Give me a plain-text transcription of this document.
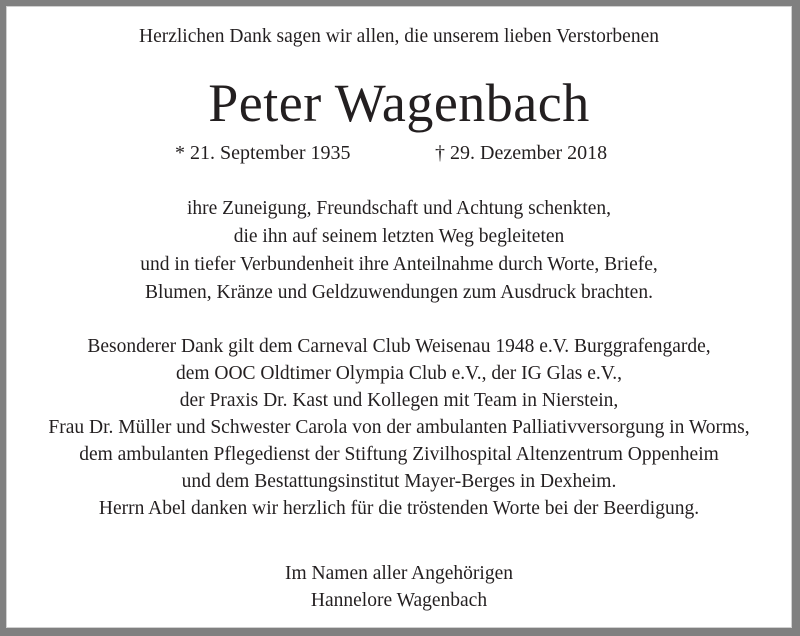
Herzlichen Dank sagen wir allen, die unserem lieben Verstorbenen
Peter Wagenbach
* 21. September 1935	† 29. Dezember 2018
ihre Zuneigung, Freundschaft und Achtung schenkten,
die ihn auf seinem letzten Weg begleiteten
und in tiefer Verbundenheit ihre Anteilnahme durch Worte, Briefe,
Blumen, Kränze und Geldzuwendungen zum Ausdruck brachten.
Besonderer Dank gilt dem Carneval Club Weisenau 1948 e.V. Burggrafengarde,
dem OOC Oldtimer Olympia Club e.V., der IG Glas e.V.,
der Praxis Dr. Kast und Kollegen mit Team in Nierstein,
Frau Dr. Müller und Schwester Carola von der ambulanten Palliativversorgung in Worms,
dem ambulanten Pflegedienst der Stiftung Zivilhospital Altenzentrum Oppenheim
und dem Bestattungsinstitut Mayer-Berges in Dexheim.
Herrn Abel danken wir herzlich für die tröstenden Worte bei der Beerdigung.
Im Namen aller Angehörigen
Hannelore Wagenbach
